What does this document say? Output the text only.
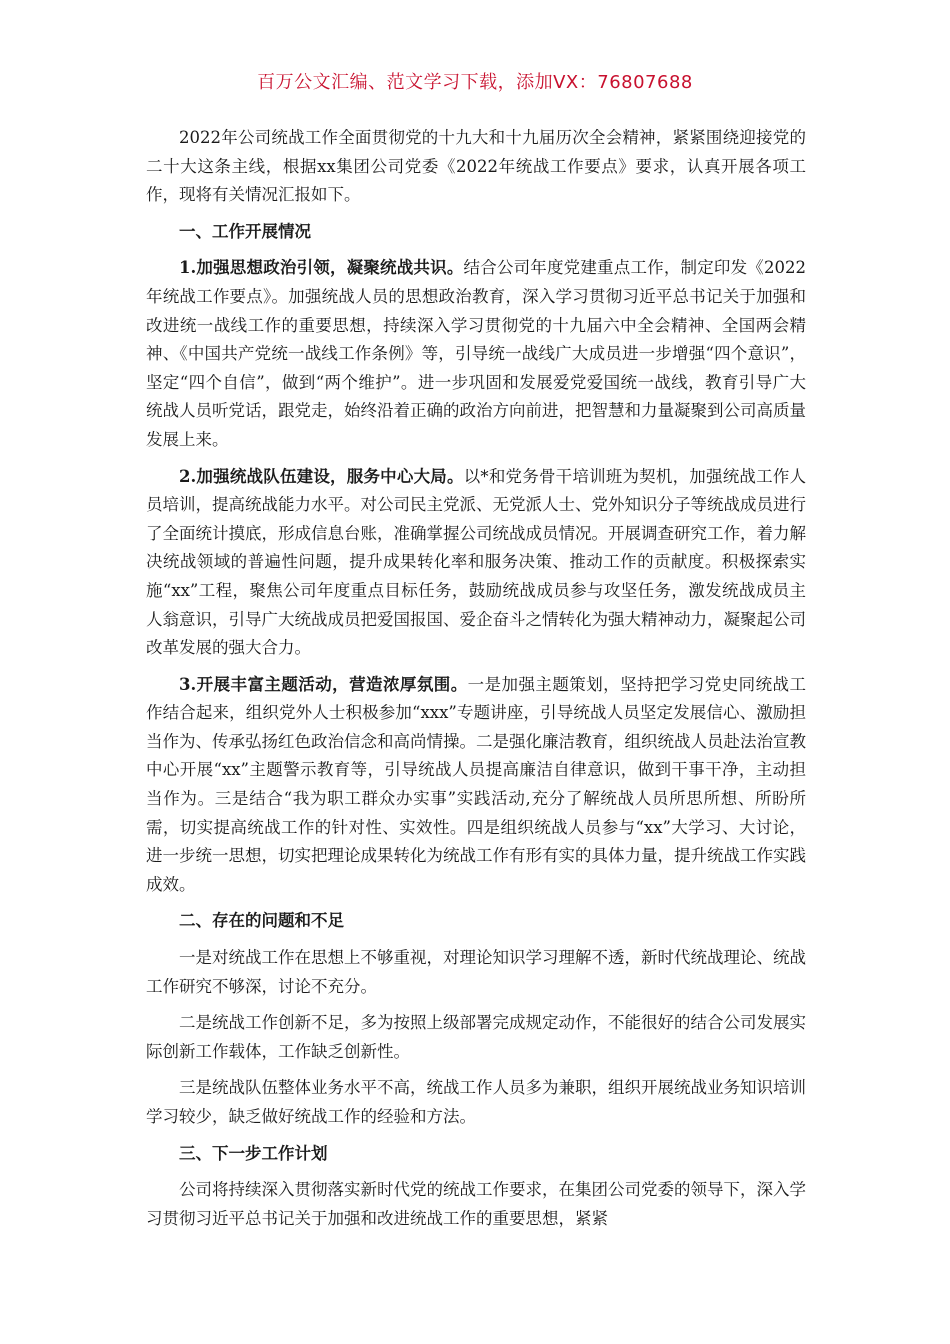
百万公文汇编、范文学习下载，添加VX：76807688

2022年公司统战工作全面贯彻党的十九大和十九届历次全会精神，紧紧围绕迎接党的二十大这条主线，根据xx集团公司党委《2022年统战工作要点》要求，认真开展各项工作，现将有关情况汇报如下。

一、工作开展情况

1.加强思想政治引领，凝聚统战共识。结合公司年度党建重点工作，制定印发《2022年统战工作要点》。加强统战人员的思想政治教育，深入学习贯彻习近平总书记关于加强和改进统一战线工作的重要思想，持续深入学习贯彻党的十九届六中全会精神、全国两会精神、《中国共产党统一战线工作条例》等，引导统一战线广大成员进一步增强“四个意识”，坚定“四个自信”，做到“两个维护”。进一步巩固和发展爱党爱国统一战线，教育引导广大统战人员听党话，跟党走，始终沿着正确的政治方向前进，把智慧和力量凝聚到公司高质量发展上来。

2.加强统战队伍建设，服务中心大局。以*和党务骨干培训班为契机，加强统战工作人员培训，提高统战能力水平。对公司民主党派、无党派人士、党外知识分子等统战成员进行了全面统计摸底，形成信息台账，准确掌握公司统战成员情况。开展调查研究工作，着力解决统战领域的普遍性问题，提升成果转化率和服务决策、推动工作的贡献度。积极探索实施“xx”工程，聚焦公司年度重点目标任务，鼓励统战成员参与攻坚任务，激发统战成员主人翁意识，引导广大统战成员把爱国报国、爱企奋斗之情转化为强大精神动力，凝聚起公司改革发展的强大合力。

3.开展丰富主题活动，营造浓厚氛围。一是加强主题策划，坚持把学习党史同统战工作结合起来，组织党外人士积极参加“xxx”专题讲座，引导统战人员坚定发展信心、激励担当作为、传承弘扬红色政治信念和高尚情操。二是强化廉洁教育，组织统战人员赴法治宣教中心开展“xx”主题警示教育等，引导统战人员提高廉洁自律意识，做到干事干净，主动担当作为。三是结合“我为职工群众办实事”实践活动,充分了解统战人员所思所想、所盼所需，切实提高统战工作的针对性、实效性。四是组织统战人员参与“xx”大学习、大讨论，进一步统一思想，切实把理论成果转化为统战工作有形有实的具体力量，提升统战工作实践成效。

二、存在的问题和不足

一是对统战工作在思想上不够重视，对理论知识学习理解不透，新时代统战理论、统战工作研究不够深，讨论不充分。

二是统战工作创新不足，多为按照上级部署完成规定动作，不能很好的结合公司发展实际创新工作载体，工作缺乏创新性。

三是统战队伍整体业务水平不高，统战工作人员多为兼职，组织开展统战业务知识培训学习较少，缺乏做好统战工作的经验和方法。

三、下一步工作计划

公司将持续深入贯彻落实新时代党的统战工作要求，在集团公司党委的领导下，深入学习贯彻习近平总书记关于加强和改进统战工作的重要思想，紧紧
